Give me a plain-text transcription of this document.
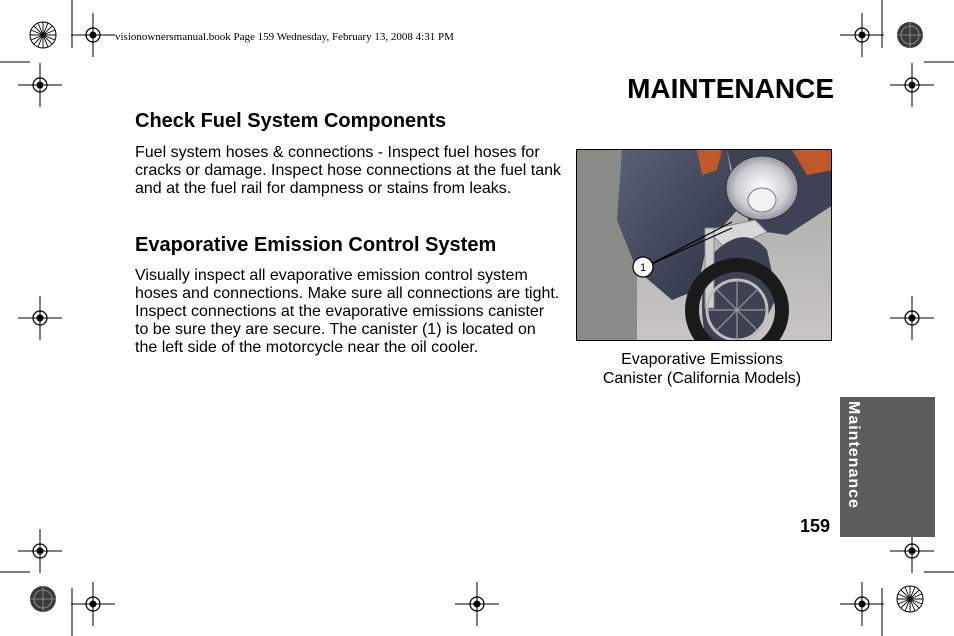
visionownersmanual.book Page 159 Wednesday, February 13, 2008 4:31 PM
MAINTENANCE
Check Fuel System Components
Fuel system hoses & connections - Inspect fuel hoses for cracks or damage. Inspect hose connections at the fuel tank and at the fuel rail for dampness or stains from leaks.
Evaporative Emission Control System
Visually inspect all evaporative emission control system hoses and connections. Make sure all connections are tight. Inspect connections at the evaporative emissions canister to be sure they are secure. The canister (1) is located on the left side of the motorcycle near the oil cooler.
1
Evaporative Emissions
Canister (California Models)
Maintenance
159
